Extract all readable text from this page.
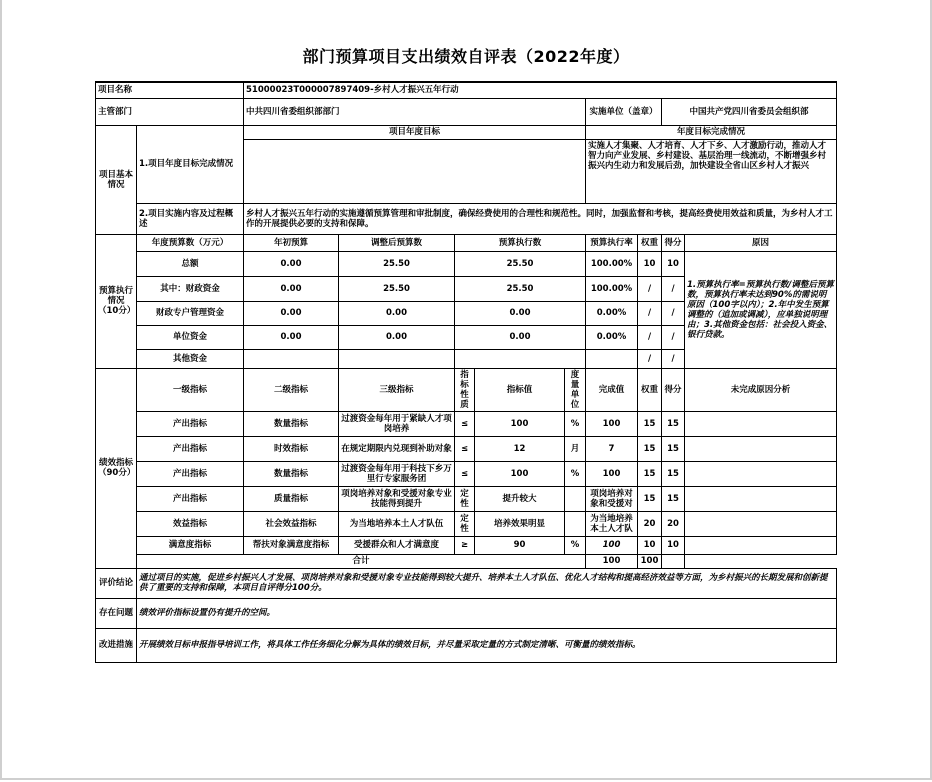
部门预算项目支出绩效自评表（2022年度）
项目名称		51000023T000007897409-乡村人才振兴五年行动								
主管部门		中共四川省委组织部部门					实施单位（盖章）		中国共产党四川省委员会组织部	
项目基本情况	1.项目年度目标完成情况	项目年度目标					年度目标完成情况			
							实施人才集聚、人才培育、人才下乡、人才激励行动，推动人才智力向产业发展、乡村建设、基层治理一线流动，不断增强乡村振兴内生动力和发展后劲，加快建设全省山区乡村人才振兴			
	2.项目实施内容及过程概述	乡村人才振兴五年行动的实施遵循预算管理和审批制度，确保经费使用的合理性和规范性。同时，加强监督和考核，提高经费使用效益和质量，为乡村人才工作的开展提供必要的支持和保障。								
预算执行情况（10分）	年度预算数（万元）	年初预算	调整后预算数	预算执行数			预算执行率	权重	得分	原因
	总额	0.00	25.50	25.50			100.00%	10	10	1.预算执行率=预算执行数/调整后预算数，预算执行率未达到90%的需说明原因（100字以内）；2.年中发生预算调整的（追加或调减），应单独说明理由；3.其他资金包括：社会投入资金、银行贷款。
	其中：财政资金	0.00	25.50	25.50			100.00%	/	/	
	财政专户管理资金	0.00	0.00	0.00			0.00%	/	/	
	单位资金	0.00	0.00	0.00			0.00%	/	/	
	其他资金							/	/	
绩效指标（90分）	一级指标	二级指标	三级指标	指标性质	指标值	度量单位	完成值	权重	得分	未完成原因分析
	产出指标	数量指标	过渡资金每年用于紧缺人才项岗培养	≤	100	%	100	15	15	
	产出指标	时效指标	在规定期限内兑现到补助对象	≤	12	月	7	15	15	
	产出指标	数量指标	过渡资金每年用于科技下乡万里行专家服务团	≤	100	%	100	15	15	
	产出指标	质量指标	项岗培养对象和受援对象专业技能得到提升	定性	提升较大		项岗培养对象和受援对	15	15	
	效益指标	社会效益指标	为当地培养本土人才队伍	定性	培养效果明显		为当地培养本土人才队	20	20	
	满意度指标	帮扶对象满意度指标	受援群众和人才满意度	≥	90	%	100	10	10	
	合计						100	100		
评价结论	通过项目的实施，促进乡村振兴人才发展、项岗培养对象和受援对象专业技能得到较大提升、培养本土人才队伍、优化人才结构和提高经济效益等方面，为乡村振兴的长期发展和创新提供了重要的支持和保障，本项目自评得分100分。									
存在问题	绩效评价指标设置仍有提升的空间。									
改进措施	开展绩效目标申报指导培训工作，将具体工作任务细化分解为具体的绩效目标，并尽量采取定量的方式制定清晰、可衡量的绩效指标。									
